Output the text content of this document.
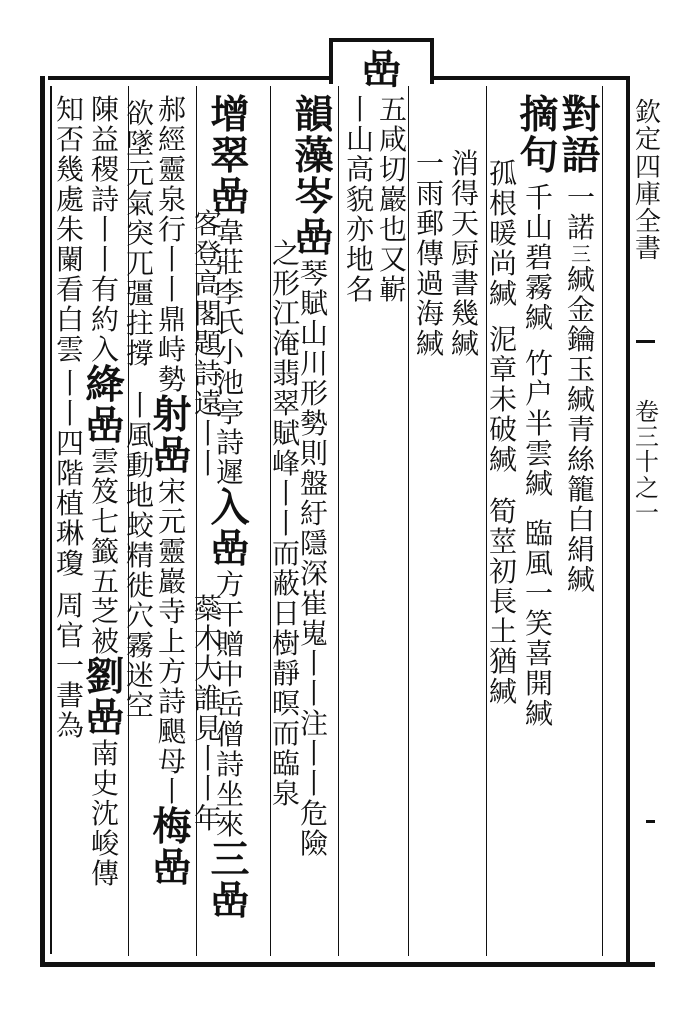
嵒
欽
定
四
庫
全
書
卷
三
十
之
一
對
語
一
諾
三
緘
金
鑰
玉
緘
青
絲
籠
白
絹
緘
摘
句
千
山
碧
霧
緘
竹
户
半
雲
緘
臨
風
一
笑
喜
開
緘
孤
根
暖
尚
緘
泥
章
未
破
緘
筍
莖
初
長
土
猶
緘
消
得
天
厨
書
幾
緘
一
雨
郵
傳
過
海
緘
五
咸
切
巖
也
又
嶄
丨
山
高
貌
亦
地
名
韻
藻
岑
嵒
琴
賦
山
川
形
勢
則
盤
紆
隱
深
崔
嵬
丨
丨
注
丨
丨
危
險
之
形
江
淹
翡
翠
賦
峰
丨
丨
而
蔽
日
樹
靜
暝
而
臨
泉
增
翠
嵒
韋
莊
李
氏
小
池
亭
詩
遲
入
嵒
方
干
贈
中
岳
僧
詩
坐
來
三
嵒
客
登
高
閣
題
詩
遠
丨
丨
蘂
木
大
誰
見
丨
丨
年
郝
經
靈
泉
行
丨
丨
鼎
峙
勢
射
嵒
宋
元
靈
巖
寺
上
方
詩
颶
母
丨
梅
嵒
欲
墜
元
氣
突
兀
彊
拄
撐
丨
風
動
地
蛟
精
徙
穴
霧
迷
空
陳
益
稷
詩
丨
丨
有
約
入
絳
嵒
雲
笈
七
籤
五
芝
被
劉
嵒
南
史
沈
峻
傳
知
否
幾
處
朱
闌
看
白
雲
丨
丨
四
階
植
琳
瓊
周
官
一
書
為
